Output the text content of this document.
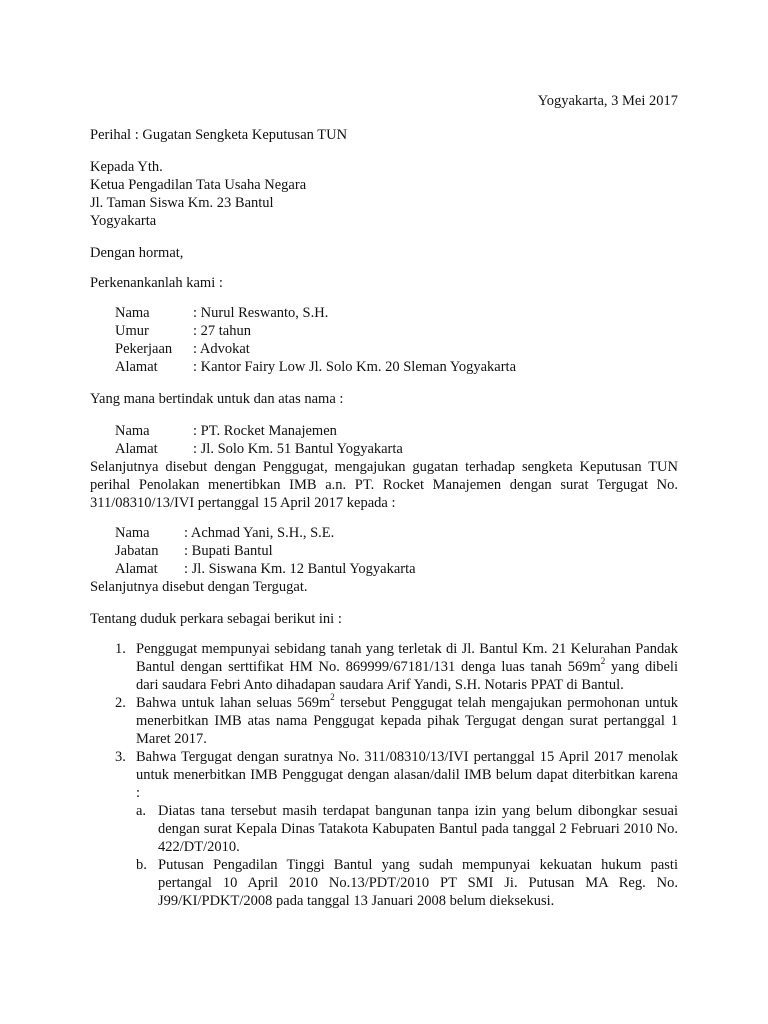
Yogyakarta, 3 Mei 2017
Perihal : Gugatan Sengketa Keputusan TUN
Kepada Yth.
Ketua Pengadilan Tata Usaha Negara
Jl. Taman Siswa Km. 23 Bantul
Yogyakarta
Dengan hormat,
Perkenankanlah kami :
Nama	: Nurul Reswanto, S.H.
Umur	: 27 tahun
Pekerjaan : Advokat
Alamat : Kantor Fairy Low Jl. Solo Km. 20 Sleman Yogyakarta
Yang mana bertindak untuk dan atas nama :
Nama	: PT. Rocket Manajemen
Alamat : Jl. Solo Km. 51 Bantul Yogyakarta
Selanjutnya disebut dengan Penggugat, mengajukan gugatan terhadap sengketa Keputusan TUN perihal Penolakan menertibkan IMB a.n. PT. Rocket Manajemen dengan surat Tergugat No. 311/08310/13/IVI pertanggal 15 April 2017 kepada :
Nama : Achmad Yani, S.H., S.E.
Jabatan : Bupati Bantul
Alamat : Jl. Siswana Km. 12 Bantul Yogyakarta
Selanjutnya disebut dengan Tergugat.
Tentang duduk perkara sebagai berikut ini :
1. Penggugat mempunyai sebidang tanah yang terletak di Jl. Bantul Km. 21 Kelurahan Pandak Bantul dengan serttifikat HM No. 869999/67181/131 denga luas tanah $569m^2$ yang dibeli dari saudara Febri Anto dihadapan saudara Arif Yandi, S.H. Notaris PPAT di Bantul.
2. Bahwa untuk lahan seluas $569m^2$ tersebut Penggugat telah mengajukan permohonan untuk menerbitkan IMB atas nama Penggugat kepada pihak Tergugat dengan surat pertanggal 1 Maret 2017.
3. Bahwa Tergugat dengan suratnya No. 311/08310/13/IVI pertanggal 15 April 2017 menolak untuk menerbitkan IMB Penggugat dengan alasan/dalil IMB belum dapat diterbitkan karena :
a. Diatas tana tersebut masih terdapat bangunan tanpa izin yang belum dibongkar sesuai dengan surat Kepala Dinas Tatakota Kabupaten Bantul pada tanggal 2 Februari 2010 No. 422/DT/2010.
b. Putusan Pengadilan Tinggi Bantul yang sudah mempunyai kekuatan hukum pasti pertangal 10 April 2010 No.13/PDT/2010 PT SMI Ji. Putusan MA Reg. No. J99/KI/PDKT/2008 pada tanggal 13 Januari 2008 belum dieksekusi.
